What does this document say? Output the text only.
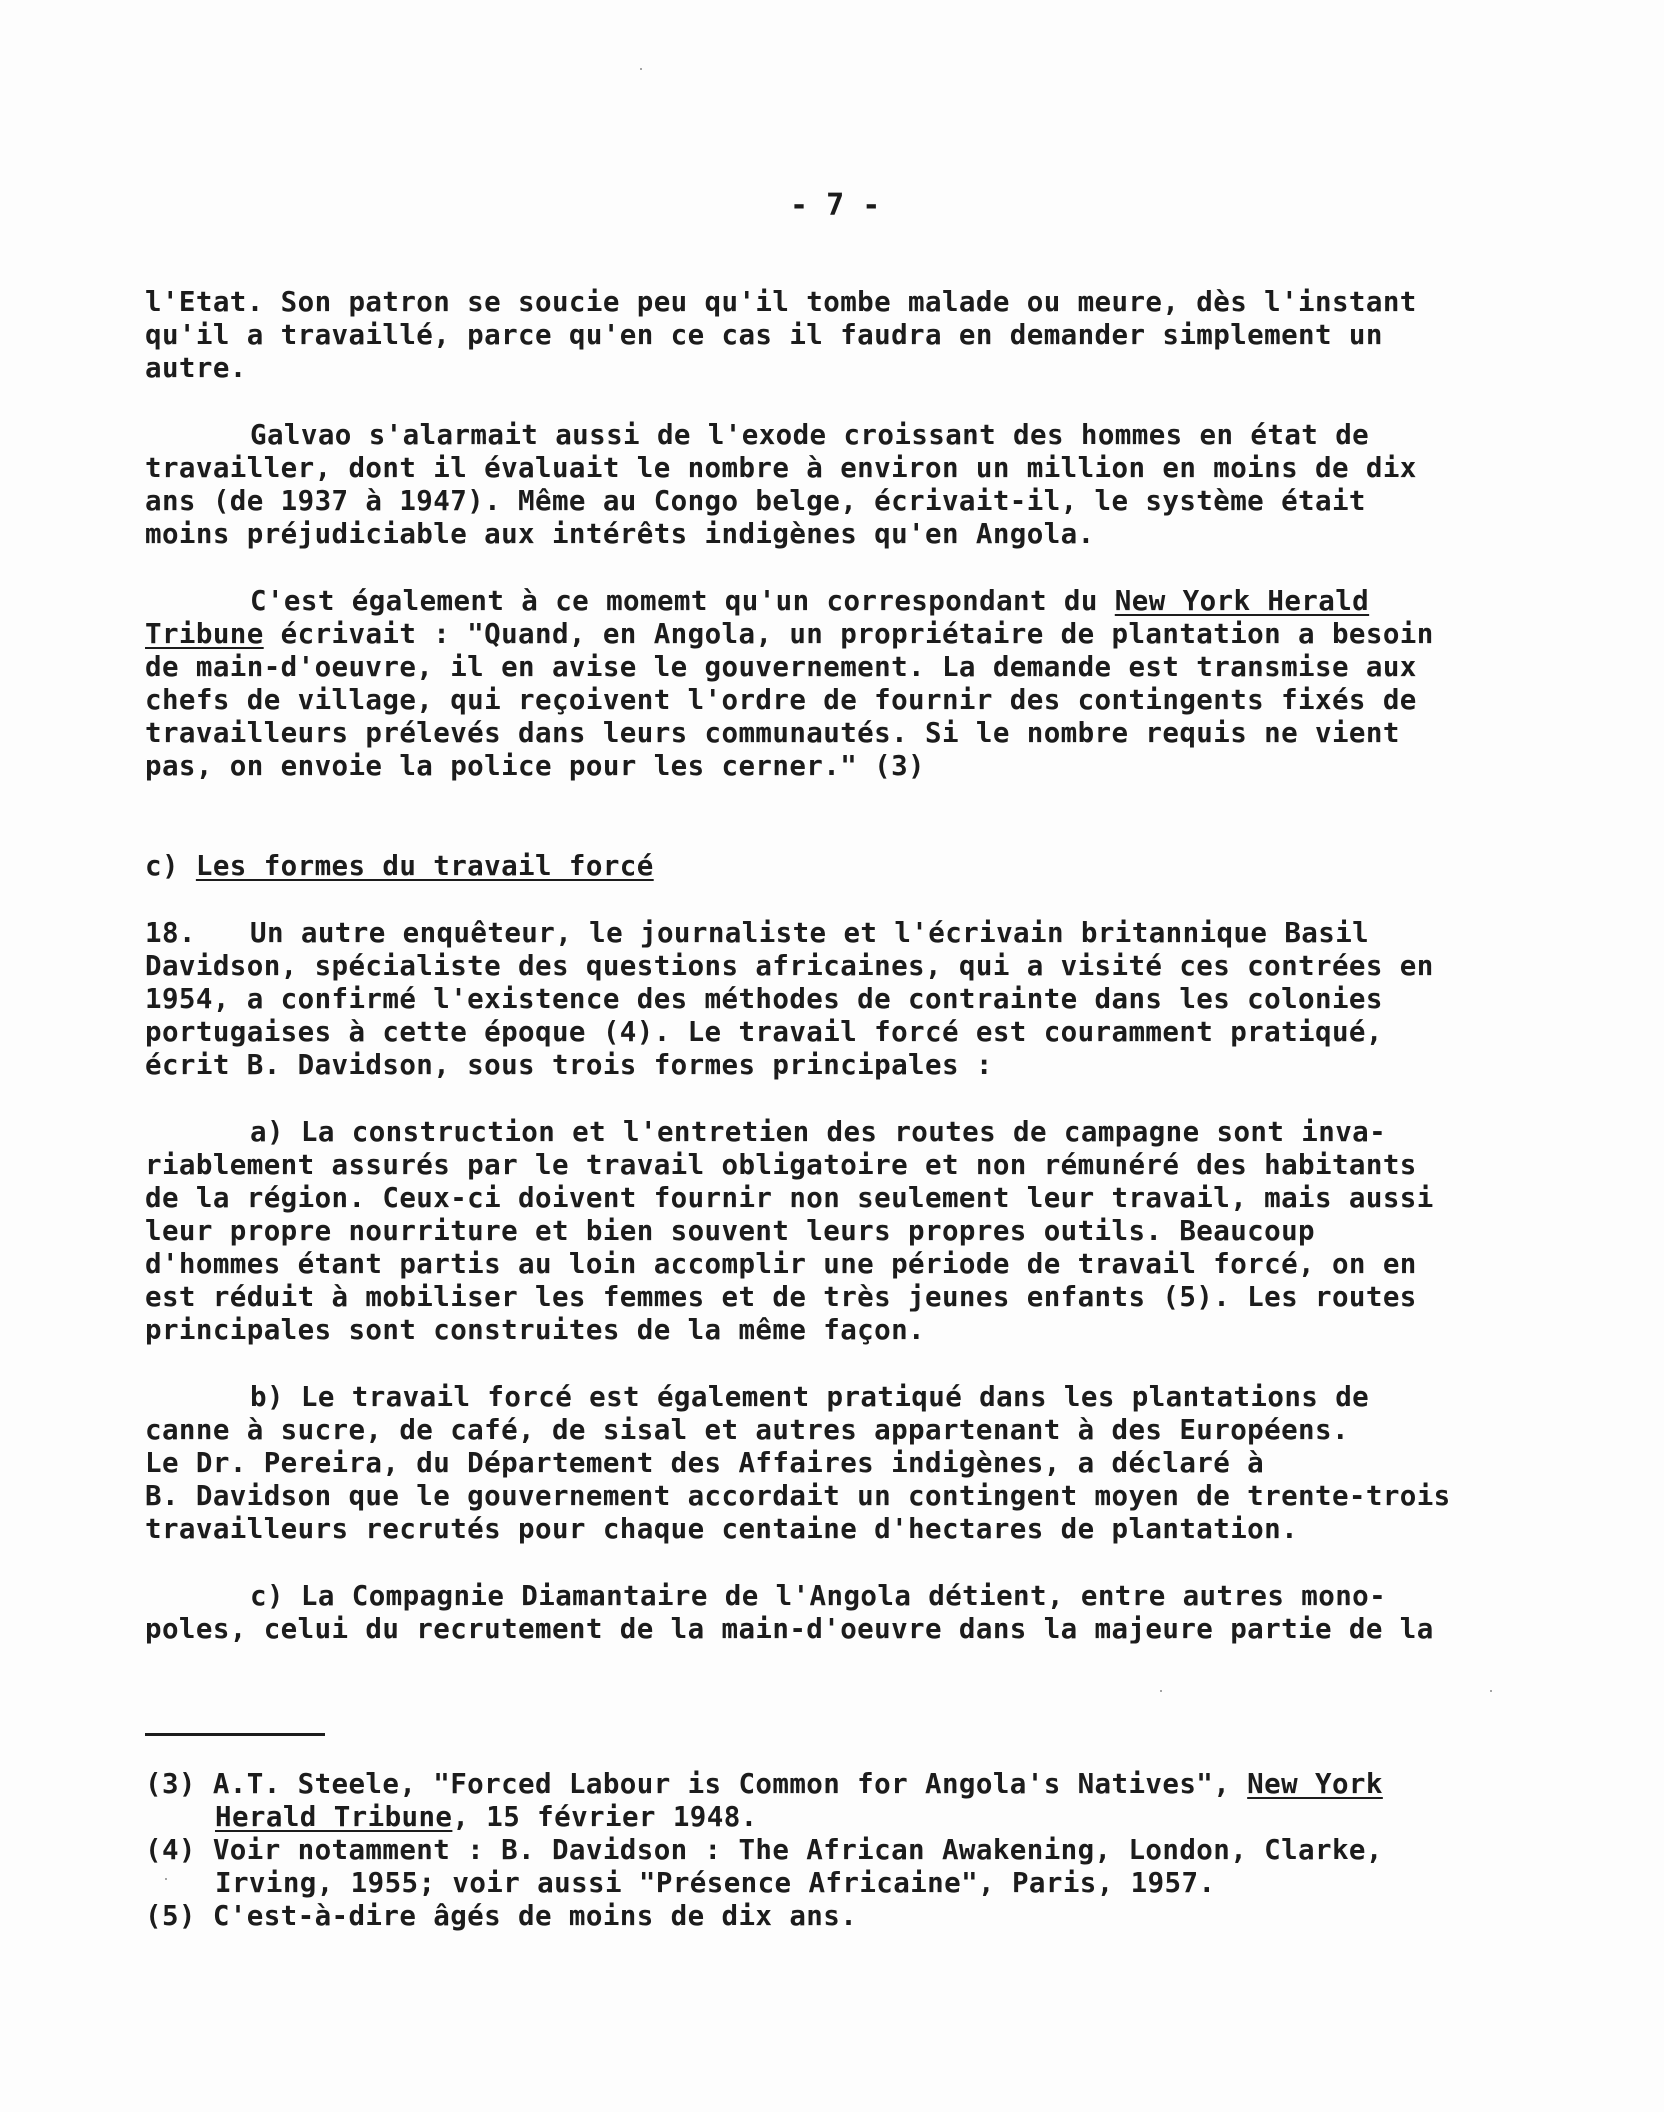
- 7 -
l'Etat. Son patron se soucie peu qu'il tombe malade ou meure, dès l'instant
qu'il a travaillé, parce qu'en ce cas il faudra en demander simplement un
autre.
Galvao s'alarmait aussi de l'exode croissant des hommes en état de
travailler, dont il évaluait le nombre à environ un million en moins de dix
ans (de 1937 à 1947). Même au Congo belge, écrivait-il, le système était
moins préjudiciable aux intérêts indigènes qu'en Angola.
C'est également à ce momemt qu'un correspondant du New York Herald
Tribune écrivait : "Quand, en Angola, un propriétaire de plantation a besoin
de main-d'oeuvre, il en avise le gouvernement. La demande est transmise aux
chefs de village, qui reçoivent l'ordre de fournir des contingents fixés de
travailleurs prélevés dans leurs communautés. Si le nombre requis ne vient
pas, on envoie la police pour les cerner." (3)
c) Les formes du travail forcé
18. Un autre enquêteur, le journaliste et l'écrivain britannique Basil
Davidson, spécialiste des questions africaines, qui a visité ces contrées en
1954, a confirmé l'existence des méthodes de contrainte dans les colonies
portugaises à cette époque (4). Le travail forcé est couramment pratiqué,
écrit B. Davidson, sous trois formes principales :
a) La construction et l'entretien des routes de campagne sont inva-
riablement assurés par le travail obligatoire et non rémunéré des habitants
de la région. Ceux-ci doivent fournir non seulement leur travail, mais aussi
leur propre nourriture et bien souvent leurs propres outils. Beaucoup
d'hommes étant partis au loin accomplir une période de travail forcé, on en
est réduit à mobiliser les femmes et de très jeunes enfants (5). Les routes
principales sont construites de la même façon.
b) Le travail forcé est également pratiqué dans les plantations de
canne à sucre, de café, de sisal et autres appartenant à des Européens.
Le Dr. Pereira, du Département des Affaires indigènes, a déclaré à
B. Davidson que le gouvernement accordait un contingent moyen de trente-trois
travailleurs recrutés pour chaque centaine d'hectares de plantation.
c) La Compagnie Diamantaire de l'Angola détient, entre autres mono-
poles, celui du recrutement de la main-d'oeuvre dans la majeure partie de la
(3) A.T. Steele, "Forced Labour is Common for Angola's Natives", New York
Herald Tribune, 15 février 1948.
(4) Voir notamment : B. Davidson : The African Awakening, London, Clarke,
Irving, 1955; voir aussi "Présence Africaine", Paris, 1957.
(5) C'est-à-dire âgés de moins de dix ans.
